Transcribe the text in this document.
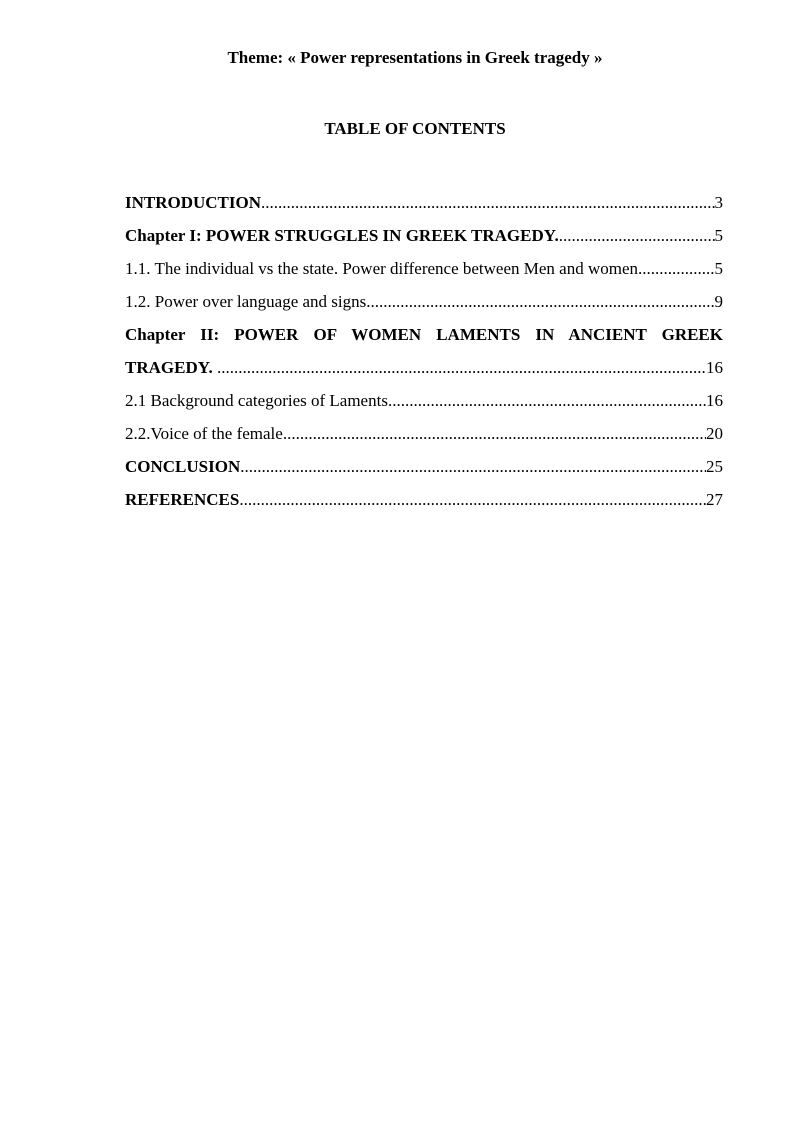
Theme: « Power representations in Greek tragedy »
TABLE OF CONTENTS
INTRODUCTION .....	3
Chapter I: POWER STRUGGLES IN GREEK TRAGEDY. .....	5
1.1. The individual vs the state. Power difference between Men and women .....	5
1.2. Power over language and signs .....	9
Chapter II: POWER OF WOMEN LAMENTS IN ANCIENT GREEK
TRAGEDY. .....	16
2.1 Background categories of Laments .....	16
2.2.Voice of the female .....	20
CONCLUSION .....	25
REFERENCES .....	27
